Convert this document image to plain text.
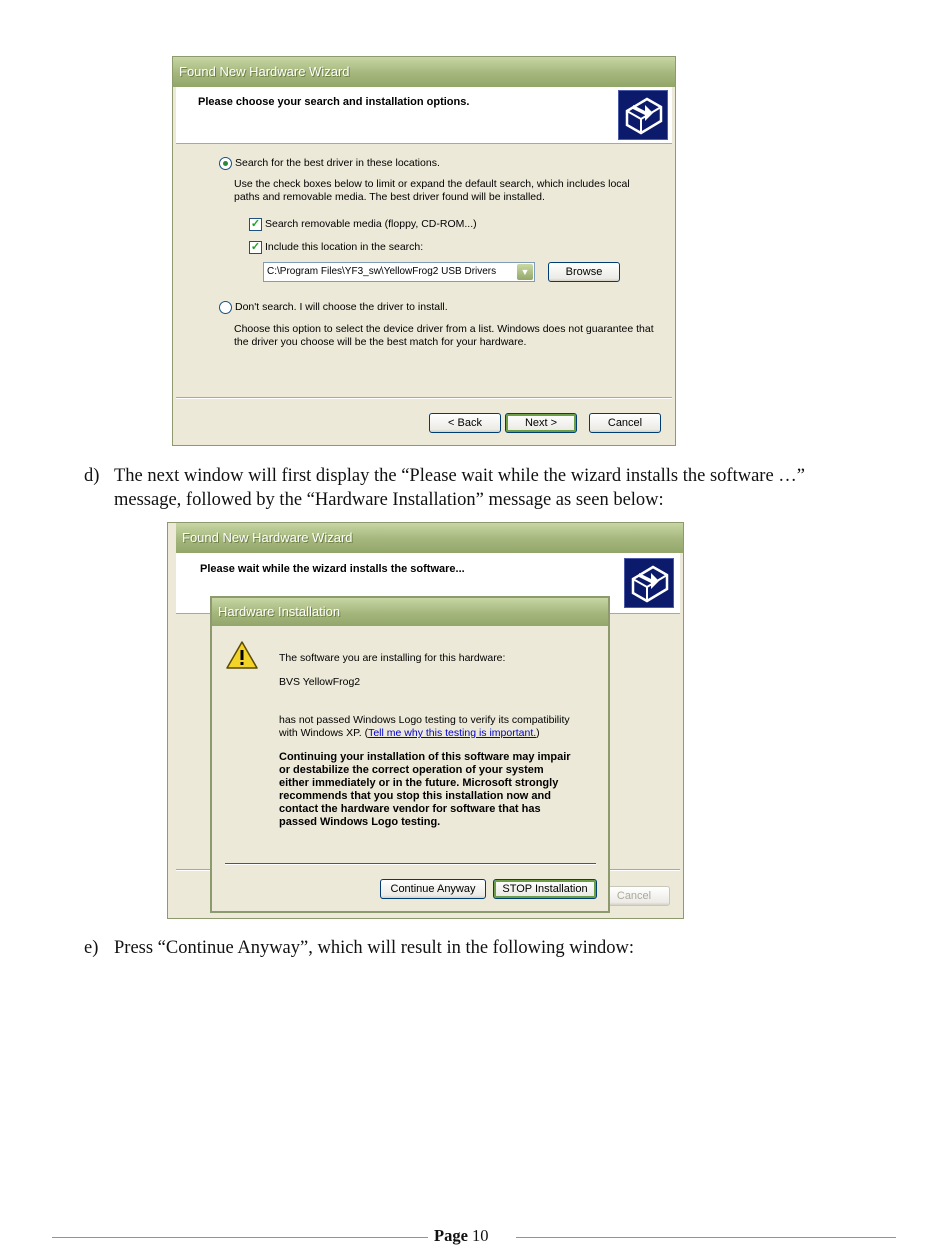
Found New Hardware Wizard
Please choose your search and installation options.
Search for the best driver in these locations.
Use the check boxes below to limit or expand the default search, which includes local
paths and removable media. The best driver found will be installed.
✓ Search removable media (floppy, CD-ROM...)
✓ Include this location in the search:
C:\Program Files\YF3_sw\YellowFrog2 USB Drivers	▼	Browse
Don't search. I will choose the driver to install.
Choose this option to select the device driver from a list. Windows does not guarantee that
the driver you choose will be the best match for your hardware.
< Back	Next >	Cancel
d) The next window will first display the “Please wait while the wizard installs the software …”
message, followed by the “Hardware Installation” message as seen below:
Found New Hardware Wizard
Please wait while the wizard installs the software...
Cancel
Hardware Installation
The software you are installing for this hardware:
BVS YellowFrog2
has not passed Windows Logo testing to verify its compatibility
with Windows XP. (Tell me why this testing is important.)
Continuing your installation of this software may impair
or destabilize the correct operation of your system
either immediately or in the future. Microsoft strongly
recommends that you stop this installation now and
contact the hardware vendor for software that has
passed Windows Logo testing.
Continue Anyway	STOP Installation
e) Press “Continue Anyway”, which will result in the following window:
Page 10
